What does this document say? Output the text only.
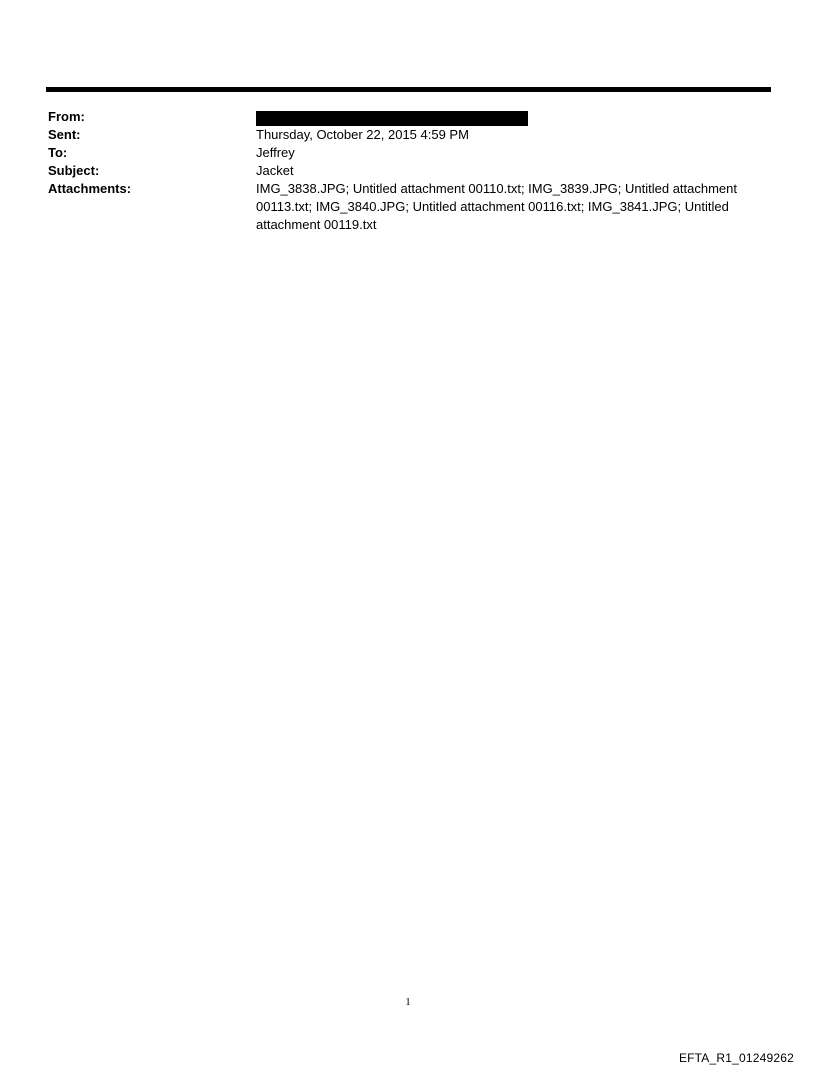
From:
Sent:	Thursday, October 22, 2015 4:59 PM
To:	Jeffrey
Subject:	Jacket
Attachments:	IMG_3838.JPG; Untitled attachment 00110.txt; IMG_3839.JPG; Untitled attachment 00113.txt; IMG_3840.JPG; Untitled attachment 00116.txt; IMG_3841.JPG; Untitled attachment 00119.txt
1
EFTA_R1_01249262
